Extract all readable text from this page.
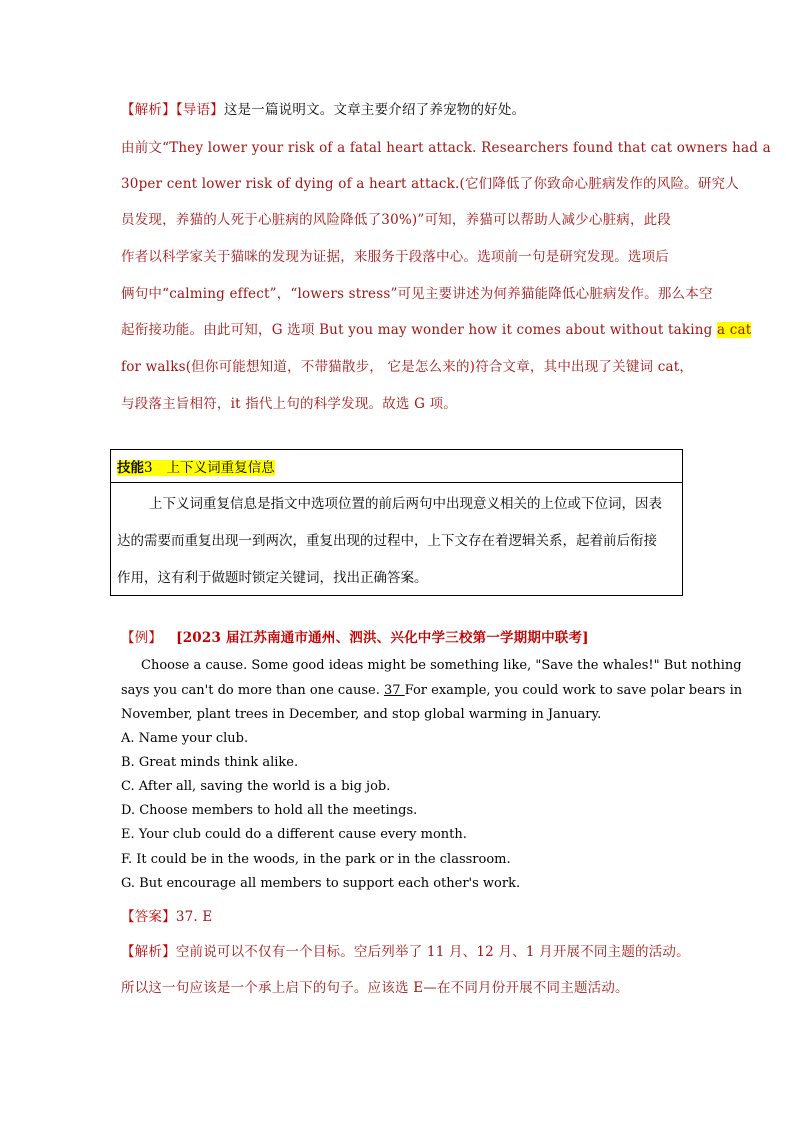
【解析】【导语】这是一篇说明文。文章主要介绍了养宠物的好处。
由前文“They lower your risk of a fatal heart attack. Researchers found that cat owners had a
30per cent lower risk of dying of a heart attack.(它们降低了你致命心脏病发作的风险。研究人
员发现，养猫的人死于心脏病的风险降低了30%)”可知，养猫可以帮助人减少心脏病，此段
作者以科学家关于猫咪的发现为证据，来服务于段落中心。选项前一句是研究发现。选项后
俩句中“calming effect”，“lowers stress”可见主要讲述为何养猫能降低心脏病发作。那么本空
起衔接功能。由此可知，G 选项 But you may wonder how it comes about without taking a cat
for walks(但你可能想知道，不带猫散步， 它是怎么来的)符合文章，其中出现了关键词 cat，
与段落主旨相符，it 指代上句的科学发现。故选 G 项。
技能3 上下义词重复信息
上下义词重复信息是指文中选项位置的前后两句中出现意义相关的上位或下位词，因表
达的需要而重复出现一到两次，重复出现的过程中，上下文存在着逻辑关系，起着前后衔接
作用，这有利于做题时锁定关键词，找出正确答案。
【例】 [2023 届江苏南通市通州、泗洪、兴化中学三校第一学期期中联考]
Choose a cause. Some good ideas might be something like, "Save the whales!" But nothing
says you can't do more than one cause. 37 For example, you could work to save polar bears in
November, plant trees in December, and stop global warming in January.
A. Name your club.
B. Great minds think alike.
C. After all, saving the world is a big job.
D. Choose members to hold all the meetings.
E. Your club could do a different cause every month.
F. It could be in the woods, in the park or in the classroom.
G. But encourage all members to support each other's work.
【答案】37. E
【解析】空前说可以不仅有一个目标。空后列举了 11 月、12 月、1 月开展不同主题的活动。
所以这一句应该是一个承上启下的句子。应该选 E—在不同月份开展不同主题活动。
